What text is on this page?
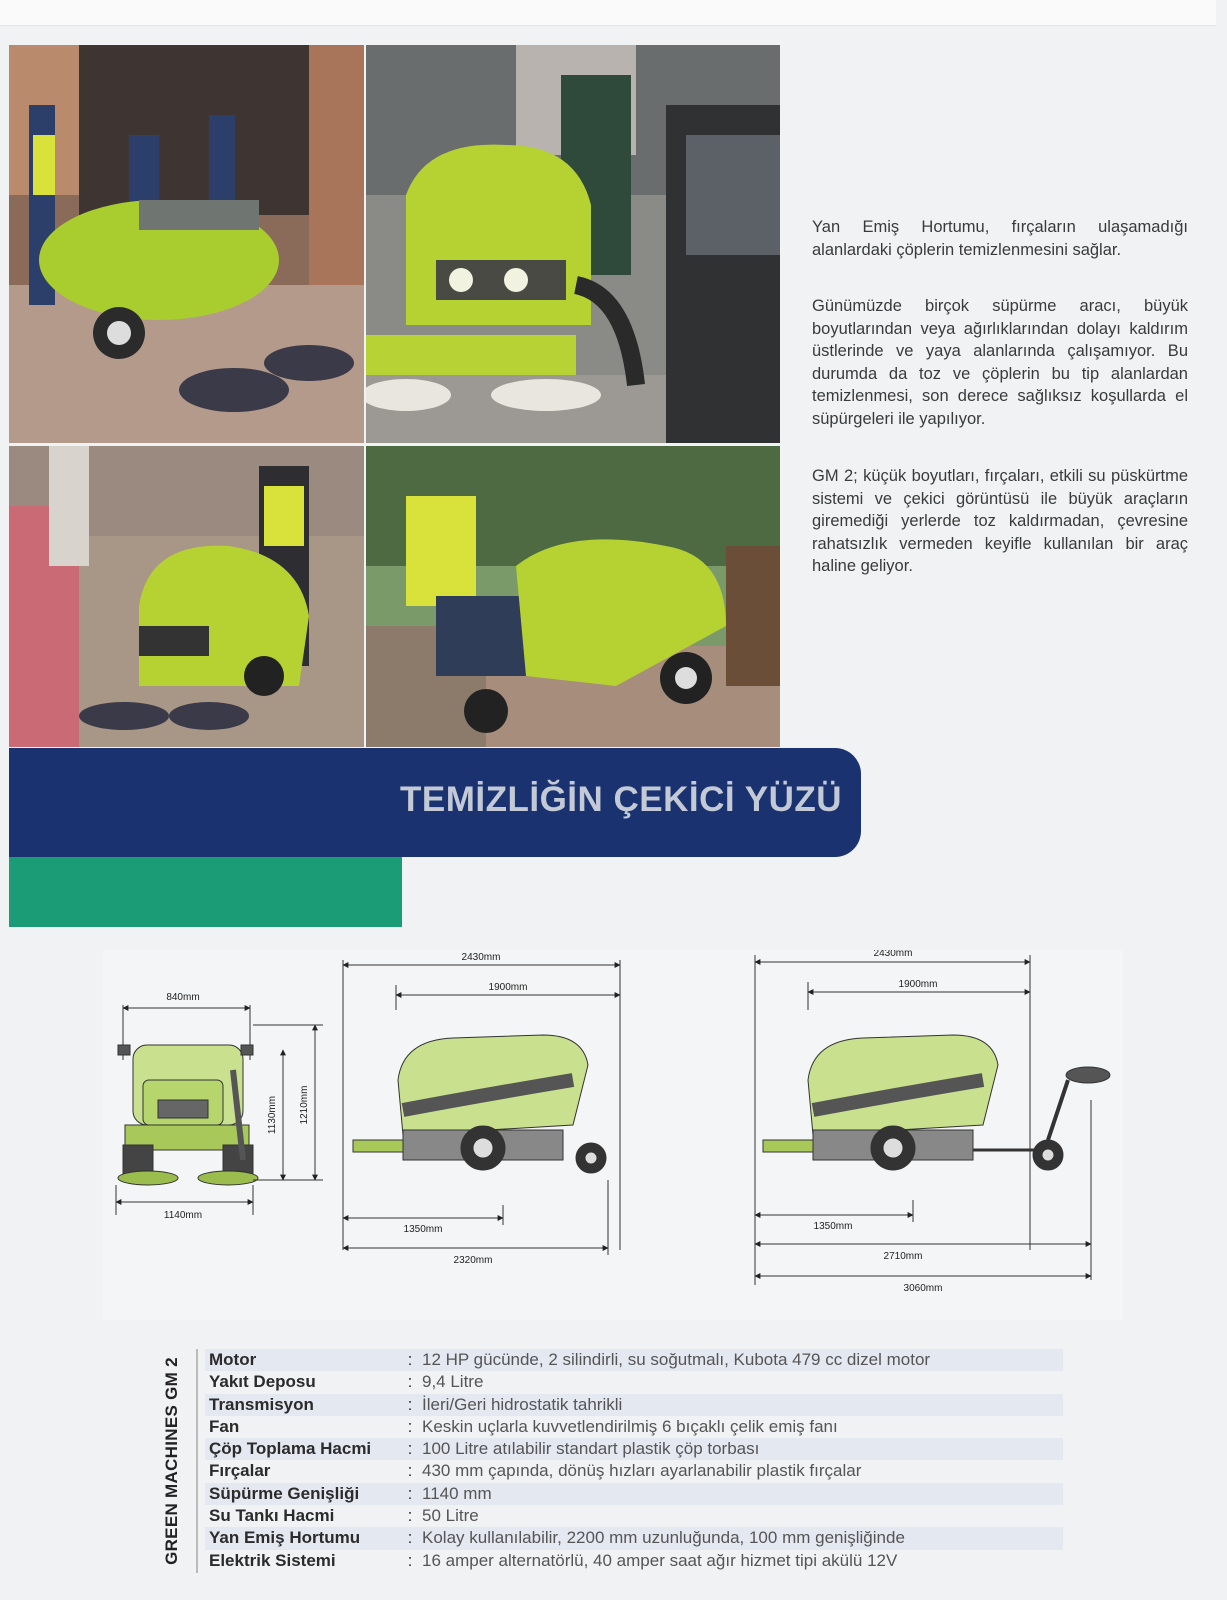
Yan Emiş Hortumu, fırçaların ulaşamadığı alanlardaki çöplerin temizlenmesini sağlar.

Günümüzde birçok süpürme aracı, büyük boyutlarından veya ağırlıklarından dolayı kaldırım üstlerinde ve yaya alanlarında çalışamıyor. Bu durumda da toz ve çöplerin bu tip alanlardan temizlenmesi, son derece sağlıksız koşullarda el süpürgeleri ile yapılıyor.

GM 2; küçük boyutları, fırçaları, etkili su püskürtme sistemi ve çekici görüntüsü ile büyük araçların giremediği yerlerde toz kaldırmadan, çevresine rahatsızlık vermeden keyifle kullanılan bir araç haline geliyor.

TEMİZLİĞİN ÇEKİCİ YÜZÜ
840mm
1140mm
1130mm 1210mm
2430mm
1900mm
1350mm
2320mm
2430mm
1900mm
1350mm
2710mm
3060mm
GREEN MACHINES GM 2 Motor	: 12 HP gücünde, 2 silindirli, su soğutmalı, Kubota 479 cc dizel motor
Yakıt Deposu	: 9,4 Litre
Transmisyon	: İleri/Geri hidrostatik tahrikli
Fan	: Keskin uçlarla kuvvetlendirilmiş 6 bıçaklı çelik emiş fanı
Çöp Toplama Hacmi	: 100 Litre atılabilir standart plastik çöp torbası
Fırçalar	: 430 mm çapında, dönüş hızları ayarlanabilir plastik fırçalar
Süpürme Genişliği	: 1140 mm
Su Tankı Hacmi	: 50 Litre
Yan Emiş Hortumu	: Kolay kullanılabilir, 2200 mm uzunluğunda, 100 mm genişliğinde
Elektrik Sistemi	: 16 amper alternatörlü, 40 amper saat ağır hizmet tipi akülü 12V
